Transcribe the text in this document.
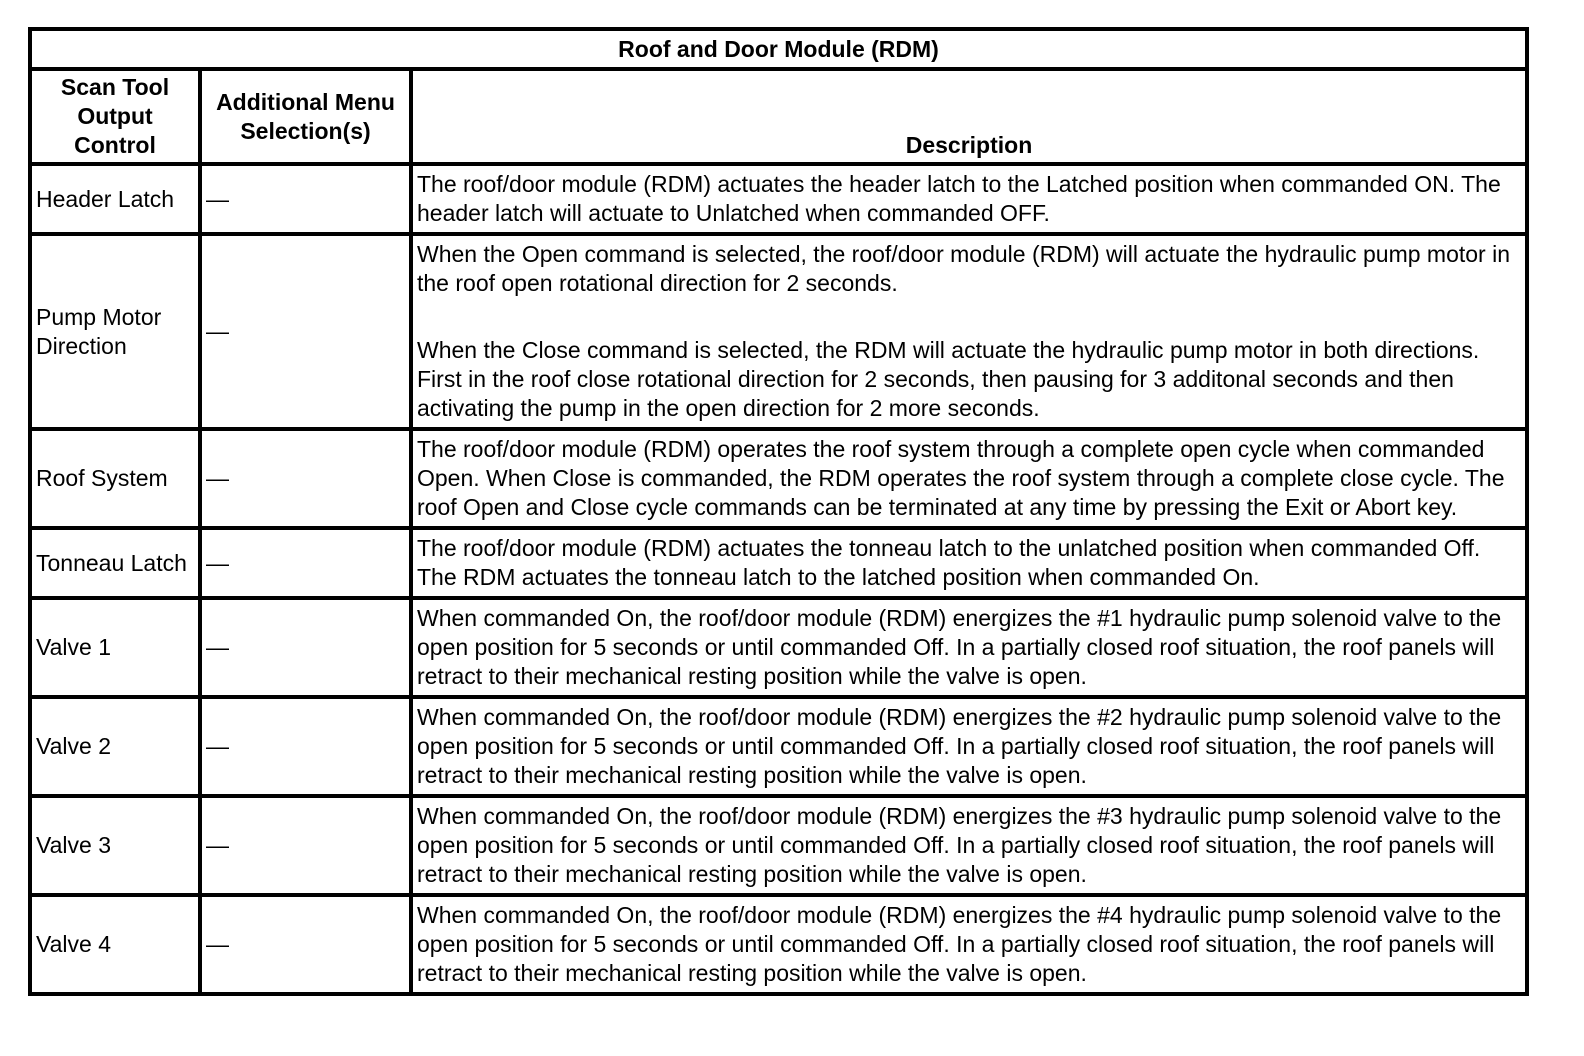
Roof and Door Module (RDM)		
Scan Tool Output Control	Additional Menu Selection(s)	Description
Header Latch	—	The roof/door module (RDM) actuates the header latch to the Latched position when commanded ON. The header latch will actuate to Unlatched when commanded OFF.

Pump Motor Direction	—	When the Open command is selected, the roof/door module (RDM) will actuate the hydraulic pump motor in the roof open rotational direction for 2 seconds.

When the Close command is selected, the RDM will actuate the hydraulic pump motor in both directions. First in the roof close rotational direction for 2 seconds, then pausing for 3 additonal seconds and then activating the pump in the open direction for 2 more seconds.

Roof System	—	The roof/door module (RDM) operates the roof system through a complete open cycle when commanded Open. When Close is commanded, the RDM operates the roof system through a complete close cycle. The roof Open and Close cycle commands can be terminated at any time by pressing the Exit or Abort key.

Tonneau Latch	—	The roof/door module (RDM) actuates the tonneau latch to the unlatched position when commanded Off. The RDM actuates the tonneau latch to the latched position when commanded On.

Valve 1	—	When commanded On, the roof/door module (RDM) energizes the #1 hydraulic pump solenoid valve to the open position for 5 seconds or until commanded Off. In a partially closed roof situation, the roof panels will retract to their mechanical resting position while the valve is open.

Valve 2	—	When commanded On, the roof/door module (RDM) energizes the #2 hydraulic pump solenoid valve to the open position for 5 seconds or until commanded Off. In a partially closed roof situation, the roof panels will retract to their mechanical resting position while the valve is open.

Valve 3	—	When commanded On, the roof/door module (RDM) energizes the #3 hydraulic pump solenoid valve to the open position for 5 seconds or until commanded Off. In a partially closed roof situation, the roof panels will retract to their mechanical resting position while the valve is open.

Valve 4	—	When commanded On, the roof/door module (RDM) energizes the #4 hydraulic pump solenoid valve to the open position for 5 seconds or until commanded Off. In a partially closed roof situation, the roof panels will retract to their mechanical resting position while the valve is open.
